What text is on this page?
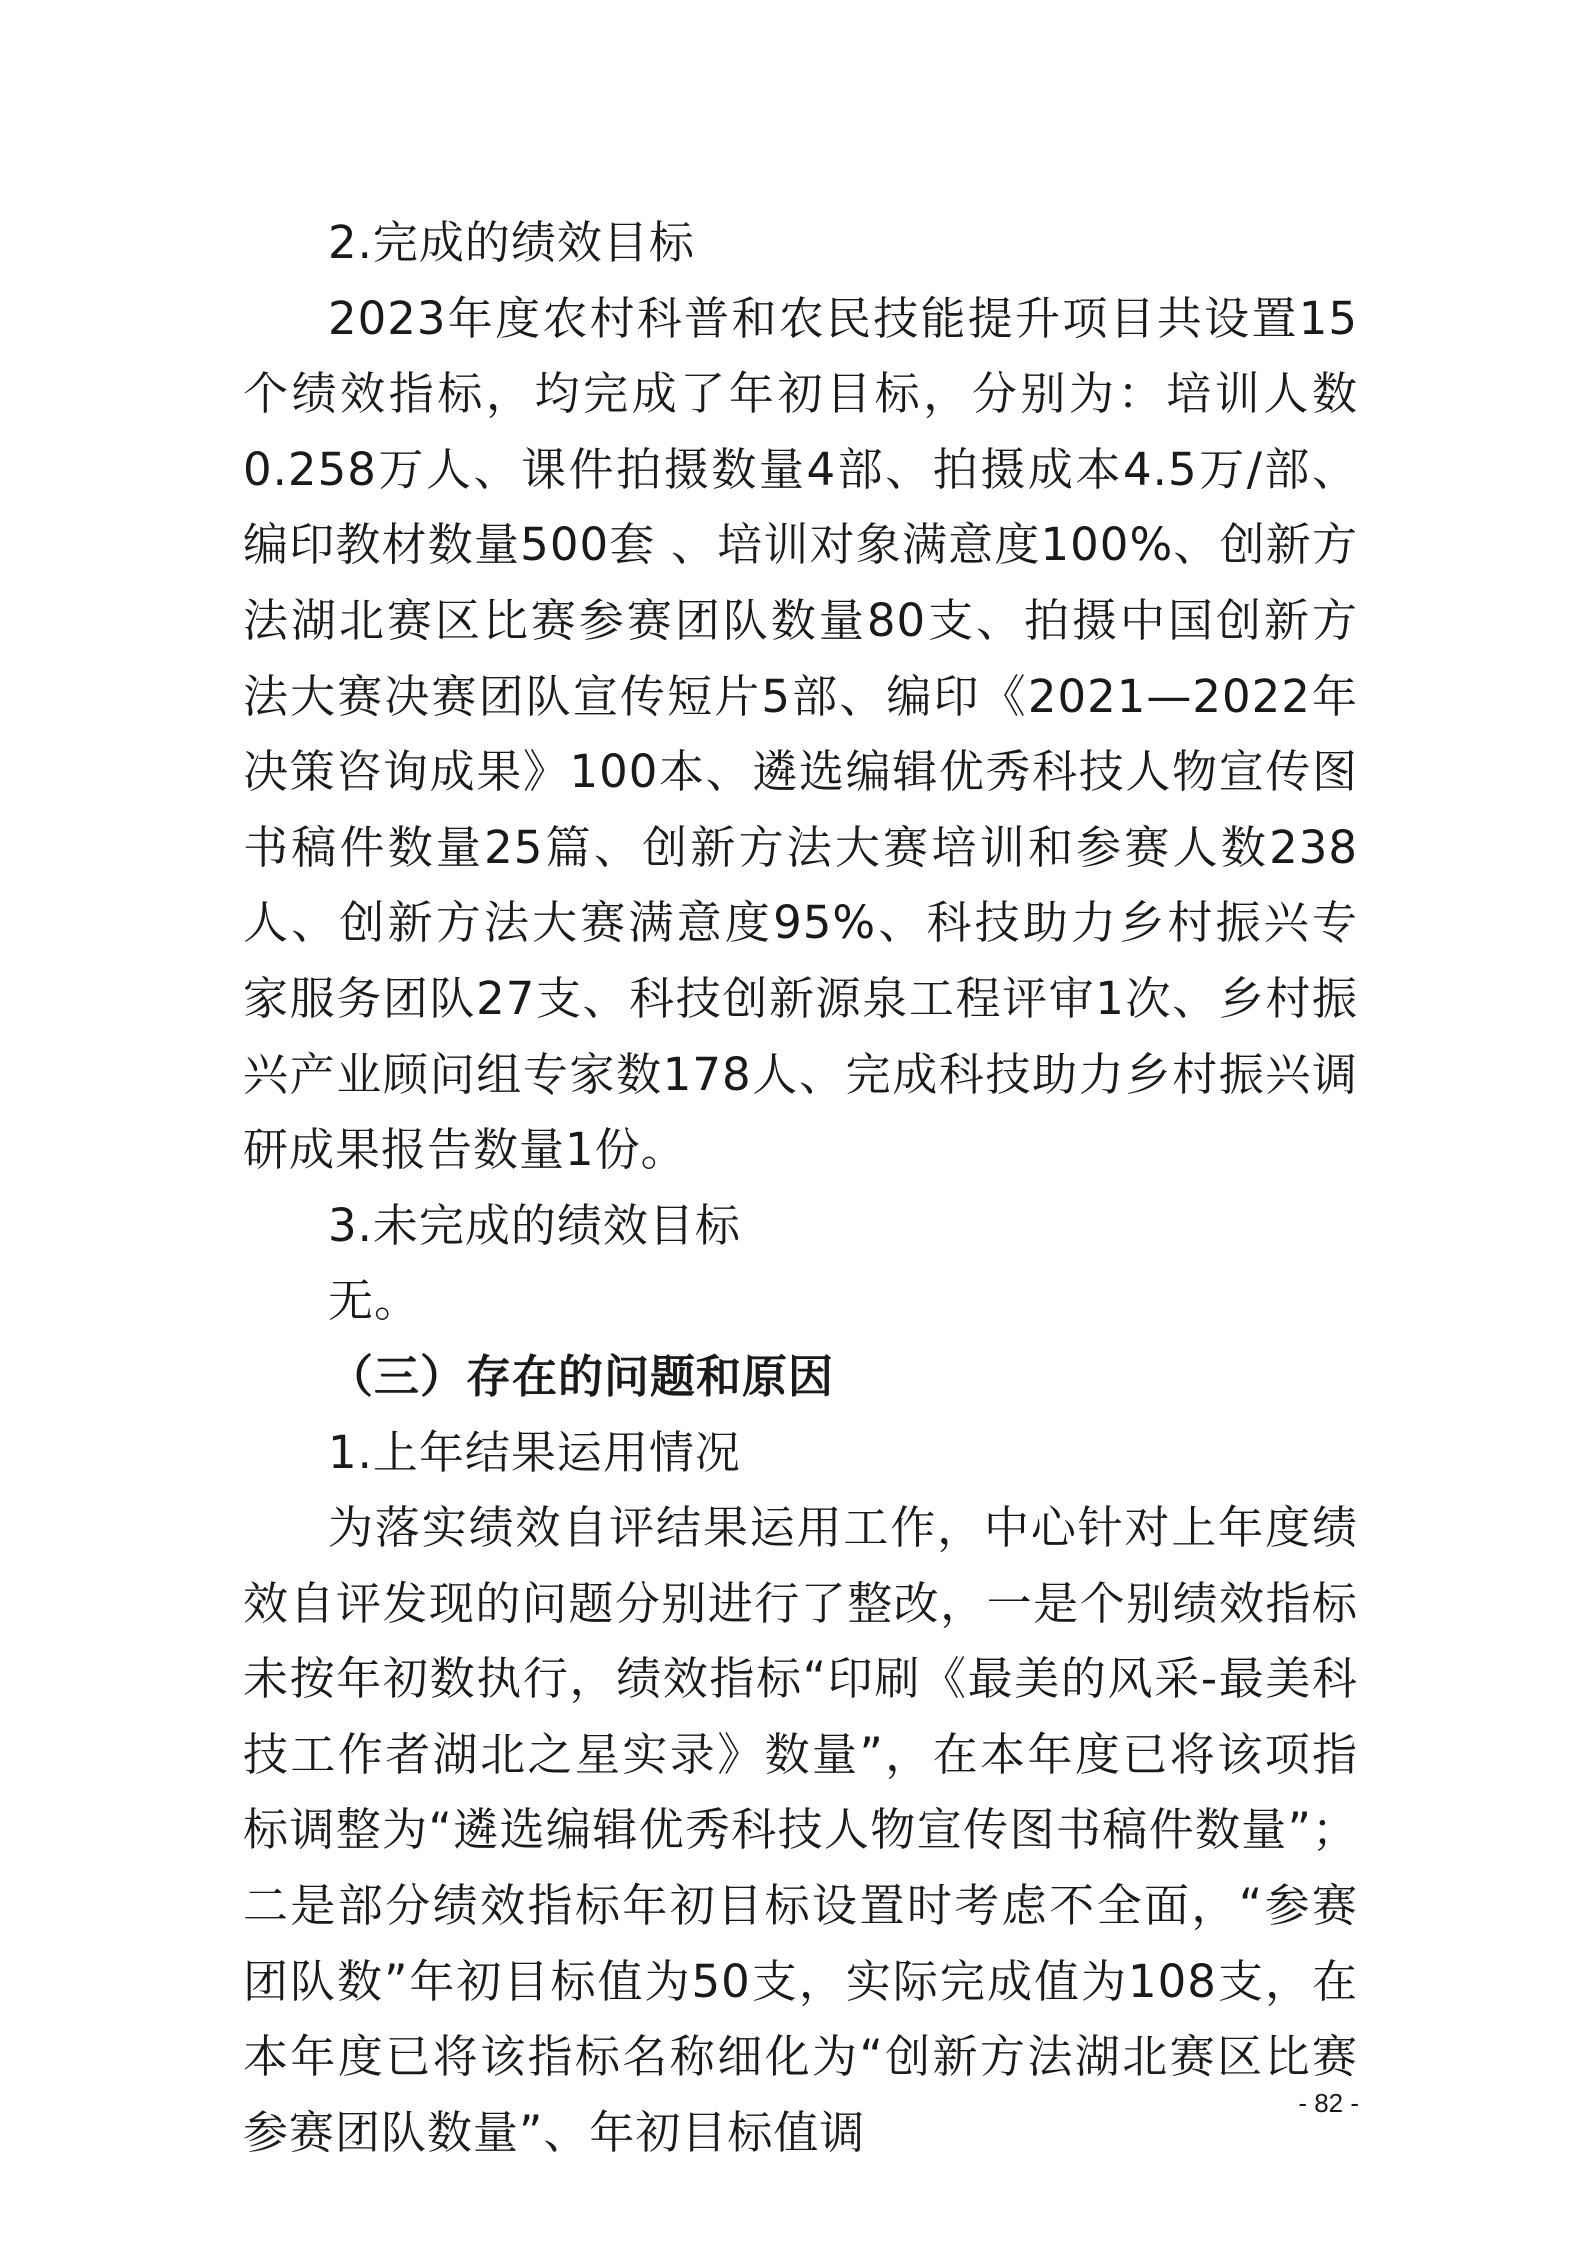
2.完成的绩效目标

2023年度农村科普和农民技能提升项目共设置15个绩效指标，均完成了年初目标，分别为：培训人数0.258万人、课件拍摄数量4部、拍摄成本4.5万/部、编印教材数量500套 、培训对象满意度100%、创新方法湖北赛区比赛参赛团队数量80支、拍摄中国创新方法大赛决赛团队宣传短片5部、编印《2021—2022年决策咨询成果》100本、遴选编辑优秀科技人物宣传图书稿件数量25篇、创新方法大赛培训和参赛人数238人、创新方法大赛满意度95%、科技助力乡村振兴专家服务团队27支、科技创新源泉工程评审1次、乡村振兴产业顾问组专家数178人、完成科技助力乡村振兴调研成果报告数量1份。

3.未完成的绩效目标

无。

（三）存在的问题和原因

1.上年结果运用情况

为落实绩效自评结果运用工作，中心针对上年度绩效自评发现的问题分别进行了整改，一是个别绩效指标未按年初数执行，绩效指标“印刷《最美的风采-最美科技工作者湖北之星实录》数量”，在本年度已将该项指标调整为“遴选编辑优秀科技人物宣传图书稿件数量”；二是部分绩效指标年初目标设置时考虑不全面，“参赛团队数”年初目标值为50支，实际完成值为108支，在本年度已将该指标名称细化为“创新方法湖北赛区比赛参赛团队数量”、年初目标值调

- 82 -
